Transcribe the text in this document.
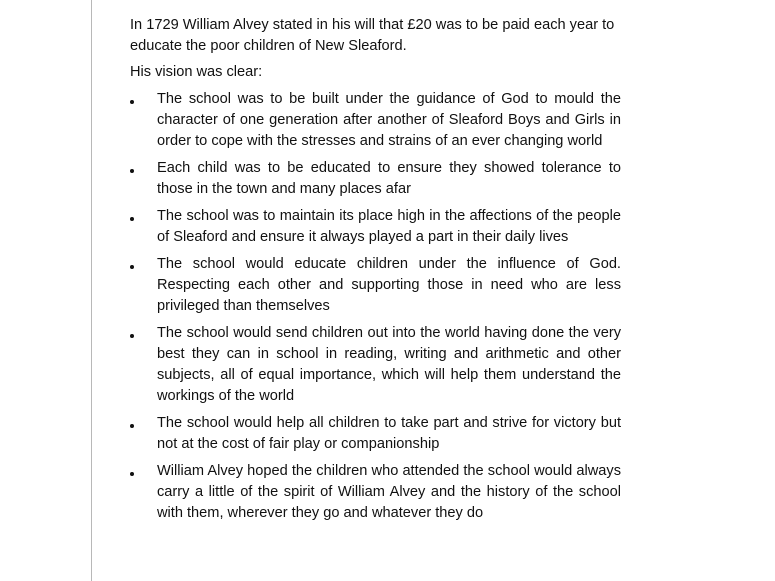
In 1729 William Alvey stated in his will that £20 was to be paid each year to educate the poor children of New Sleaford.

His vision was clear:

The school was to be built under the guidance of God to mould the character of one generation after another of Sleaford Boys and Girls in order to cope with the stresses and strains of an ever changing world
Each child was to be educated to ensure they showed tolerance to those in the town and many places afar
The school was to maintain its place high in the affections of the people of Sleaford and ensure it always played a part in their daily lives
The school would educate children under the influence of God. Respecting each other and supporting those in need who are less privileged than themselves
The school would send children out into the world having done the very best they can in school in reading, writing and arithmetic and other subjects, all of equal importance, which will help them understand the workings of the world
The school would help all children to take part and strive for victory but not at the cost of fair play or companionship
William Alvey hoped the children who attended the school would always carry a little of the spirit of William Alvey and the history of the school with them, wherever they go and whatever they do
